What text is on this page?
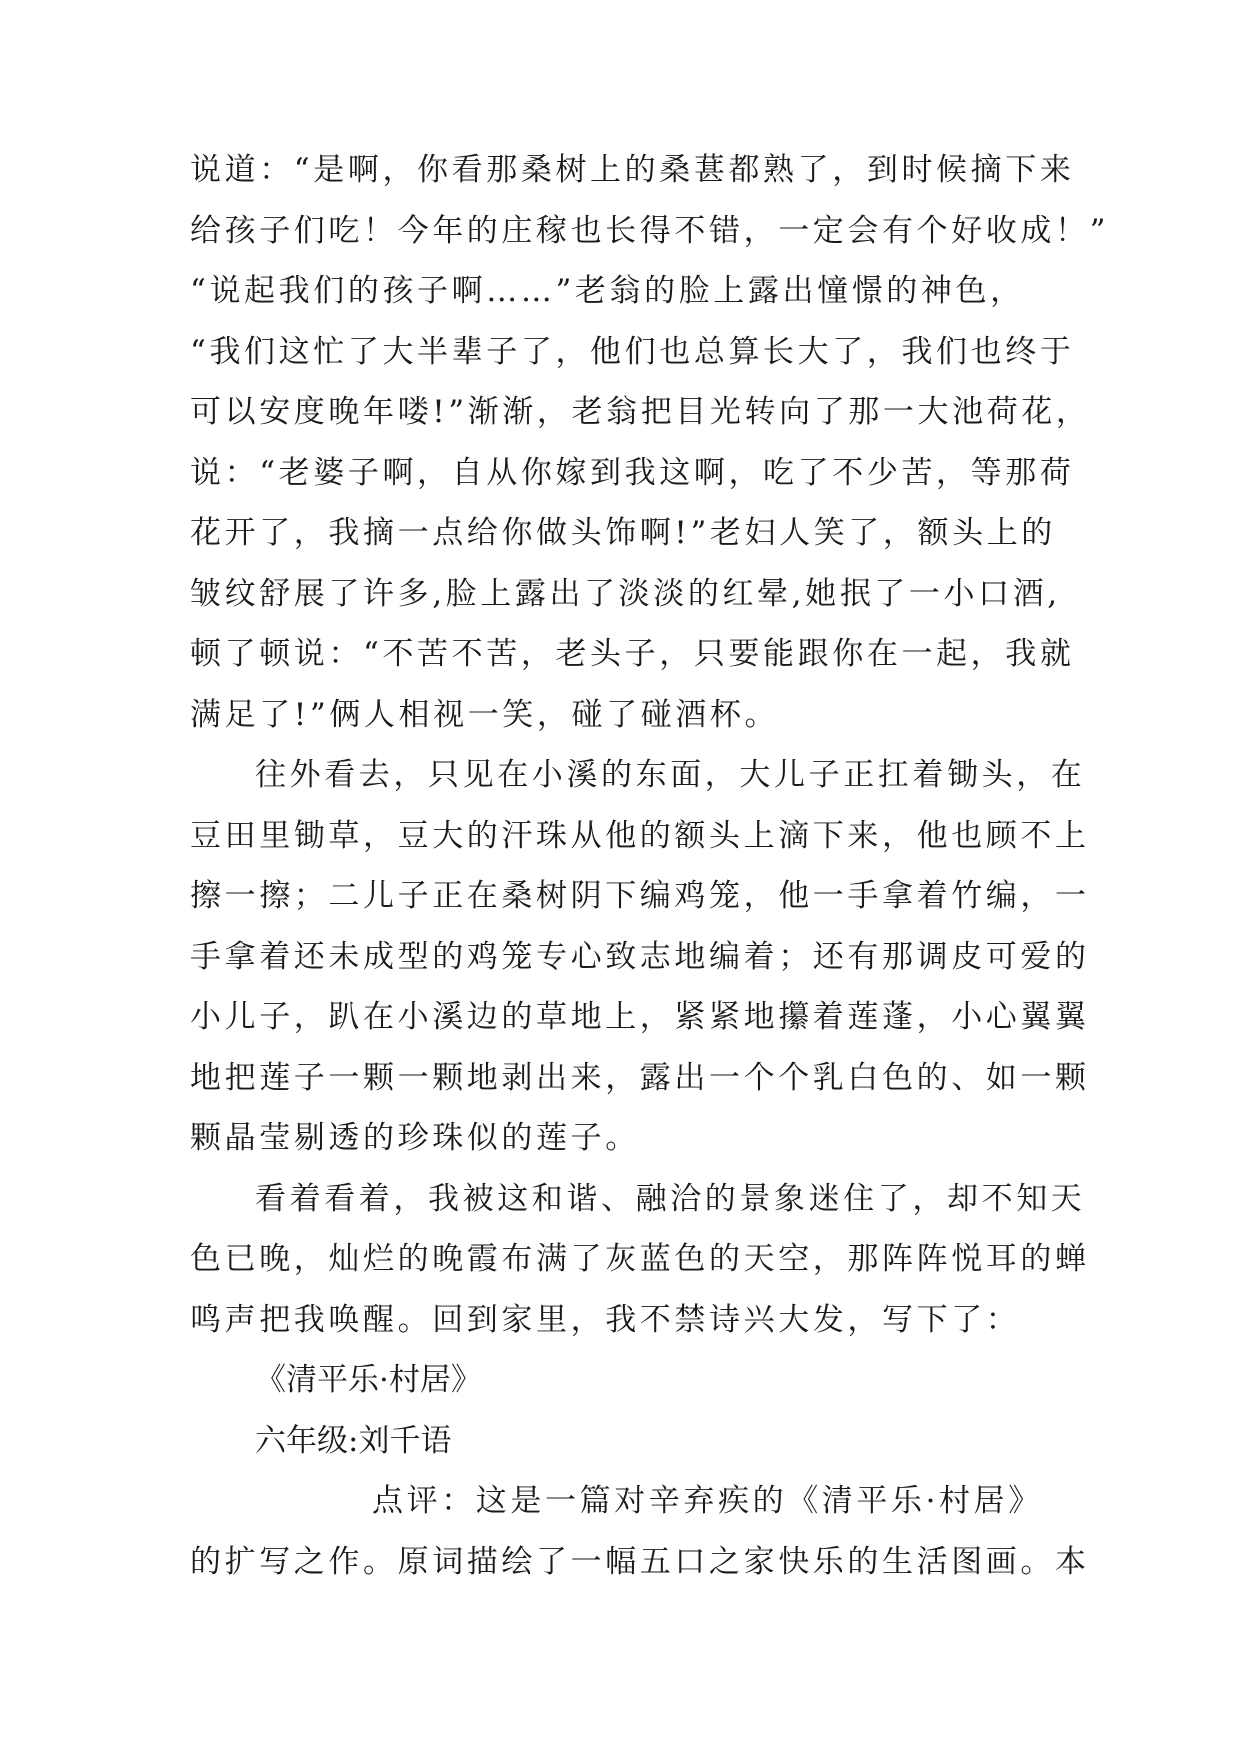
说道：“是啊，你看那桑树上的桑葚都熟了，到时候摘下来
给孩子们吃！今年的庄稼也长得不错，一定会有个好收成！”
“说起我们的孩子啊……”老翁的脸上露出憧憬的神色，
“我们这忙了大半辈子了，他们也总算长大了，我们也终于
可以安度晚年喽!”渐渐，老翁把目光转向了那一大池荷花，
说：“老婆子啊，自从你嫁到我这啊，吃了不少苦，等那荷
花开了，我摘一点给你做头饰啊!”老妇人笑了，额头上的
皱纹舒展了许多,脸上露出了淡淡的红晕,她抿了一小口酒,
顿了顿说：“不苦不苦，老头子，只要能跟你在一起，我就
满足了!”俩人相视一笑，碰了碰酒杯。
往外看去，只见在小溪的东面，大儿子正扛着锄头，在
豆田里锄草，豆大的汗珠从他的额头上滴下来，他也顾不上
擦一擦；二儿子正在桑树阴下编鸡笼，他一手拿着竹编，一
手拿着还未成型的鸡笼专心致志地编着；还有那调皮可爱的
小儿子，趴在小溪边的草地上，紧紧地攥着莲蓬，小心翼翼
地把莲子一颗一颗地剥出来，露出一个个乳白色的、如一颗
颗晶莹剔透的珍珠似的莲子。
看着看着，我被这和谐、融洽的景象迷住了，却不知天
色已晚，灿烂的晚霞布满了灰蓝色的天空，那阵阵悦耳的蝉
鸣声把我唤醒。回到家里，我不禁诗兴大发，写下了：
《清平乐·村居》
六年级:刘千语
点评：这是一篇对辛弃疾的《清平乐·村居》
的扩写之作。原词描绘了一幅五口之家快乐的生活图画。本
